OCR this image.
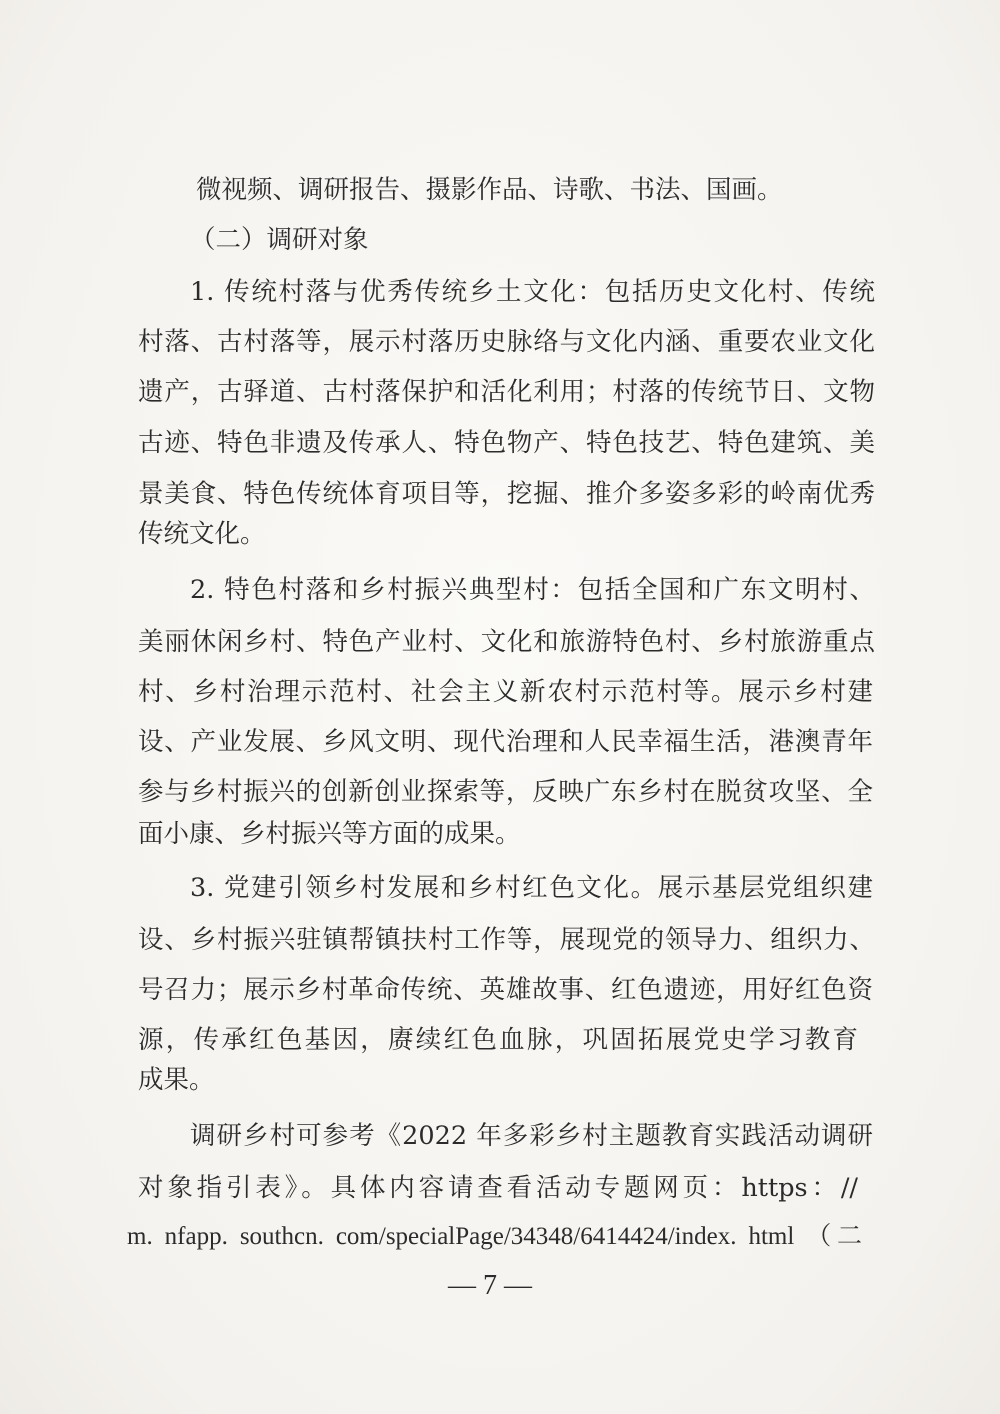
微视频、调研报告、摄影作品、诗歌、书法、国画。
（二）调研对象
1. 传统村落与优秀传统乡土文化：包括历史文化村、传统
村落、古村落等，展示村落历史脉络与文化内涵、重要农业文化
遗产，古驿道、古村落保护和活化利用；村落的传统节日、文物
古迹、特色非遗及传承人、特色物产、特色技艺、特色建筑、美
景美食、特色传统体育项目等，挖掘、推介多姿多彩的岭南优秀
传统文化。
2. 特色村落和乡村振兴典型村：包括全国和广东文明村、
美丽休闲乡村、特色产业村、文化和旅游特色村、乡村旅游重点
村、乡村治理示范村、社会主义新农村示范村等。展示乡村建
设、产业发展、乡风文明、现代治理和人民幸福生活，港澳青年
参与乡村振兴的创新创业探索等，反映广东乡村在脱贫攻坚、全
面小康、乡村振兴等方面的成果。
3. 党建引领乡村发展和乡村红色文化。展示基层党组织建
设、乡村振兴驻镇帮镇扶村工作等，展现党的领导力、组织力、
号召力；展示乡村革命传统、英雄故事、红色遗迹，用好红色资
源，传承红色基因，赓续红色血脉，巩固拓展党史学习教育
成果。
调研乡村可参考《2022 年多彩乡村主题教育实践活动调研
对象指引表》。具体内容请查看活动专题网页：https：//
m. nfapp. southcn. com/specialPage/34348/6414424/index. html （二
— 7 —
